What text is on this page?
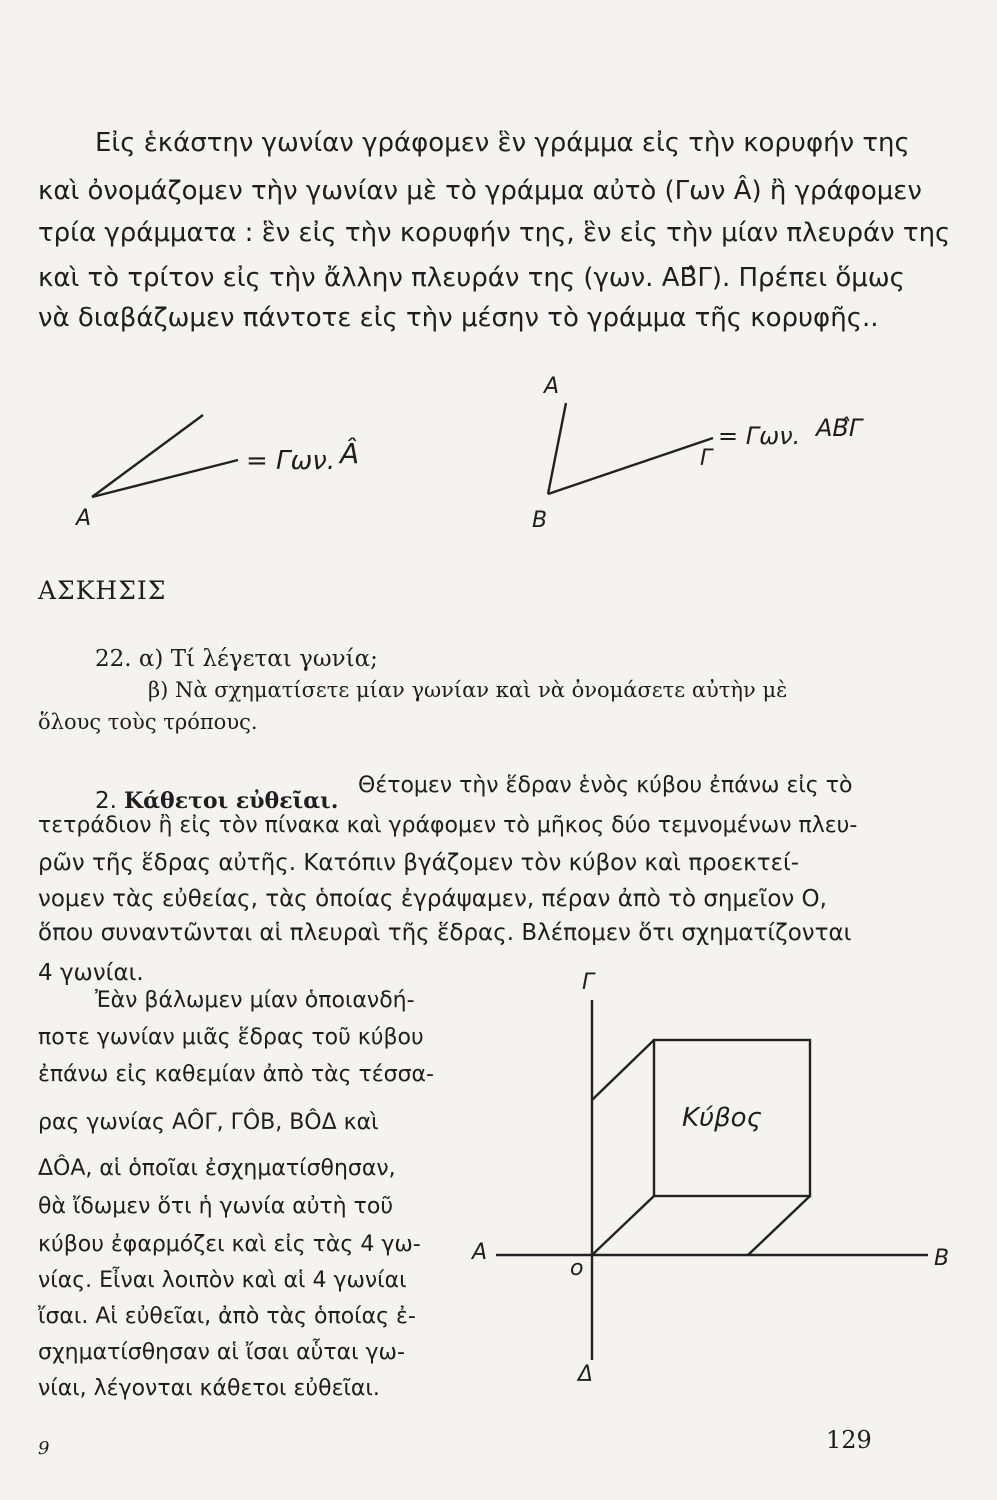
Εἰς ἑκάστην γωνίαν γράφομεν ἓν γράμμα εἰς τὴν κορυφήν της
καὶ ὀνομάζομεν τὴν γωνίαν μὲ τὸ γράμμα αὐτὸ (Γων Â) ἢ γράφομεν
τρία γράμματα : ἓν εἰς τὴν κορυφήν της, ἓν εἰς τὴν μίαν πλευράν της
καὶ τὸ τρίτον εἰς τὴν ἄλλην πλευράν της (γων. ΑΒ̂Γ). Πρέπει ὅμως
νὰ διαβάζωμεν πάντοτε εἰς τὴν μέσην τὸ γράμμα τῆς κορυφῆς..
A
= Γων. Â
A
B
Γ
= Γων. ΑΒ̂Γ
ΑΣΚΗΣΙΣ
22. α) Τί λέγεται γωνία;
β) Νὰ σχηματίσετε μίαν γωνίαν καὶ νὰ ὀνομάσετε αὐτὴν μὲ
ὅλους τοὺς τρόπους.
2. Κάθετοι εὐθεῖαι.
Θέτομεν τὴν ἕδραν ἑνὸς κύβου ἐπάνω εἰς τὸ
τετράδιον ἢ εἰς τὸν πίνακα καὶ γράφομεν τὸ μῆκος δύο τεμνομένων πλευ-
ρῶν τῆς ἕδρας αὐτῆς. Κατόπιν βγάζομεν τὸν κύβον καὶ προεκτεί-
νομεν τὰς εὐθείας, τὰς ὁποίας ἐγράψαμεν, πέραν ἀπὸ τὸ σημεῖον Ο,
ὅπου συναντῶνται αἱ πλευραὶ τῆς ἕδρας. Βλέπομεν ὅτι σχηματίζονται
4 γωνίαι.
Ἐὰν βάλωμεν μίαν ὁποιανδή-
ποτε γωνίαν μιᾶς ἕδρας τοῦ κύβου
ἐπάνω εἰς καθεμίαν ἀπὸ τὰς τέσσα-
ρας γωνίας ΑÔΓ, ΓÔΒ, ΒÔΔ καὶ
ΔÔΑ, αἱ ὁποῖαι ἐσχηματίσθησαν,
θὰ ἴδωμεν ὅτι ἡ γωνία αὐτὴ τοῦ
κύβου ἐφαρμόζει καὶ εἰς τὰς 4 γω-
νίας. Εἶναι λοιπὸν καὶ αἱ 4 γωνίαι
ἴσαι. Αἱ εὐθεῖαι, ἀπὸ τὰς ὁποίας ἐ-
σχηματίσθησαν αἱ ἴσαι αὗται γω-
νίαι, λέγονται κάθετοι εὐθεῖαι.
Γ
A	B
o
Δ
Κύβος
9	129
